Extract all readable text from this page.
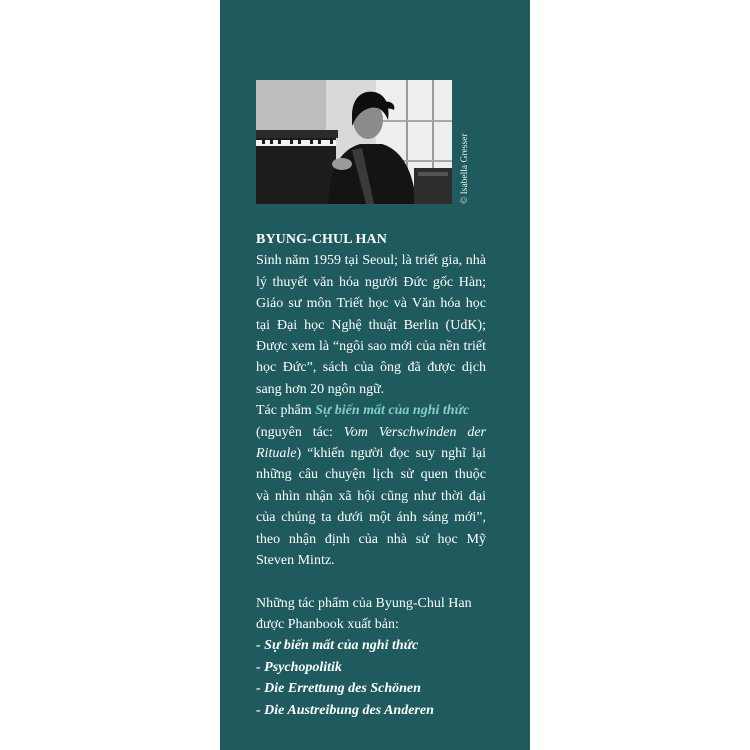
© Isabella Gresser
BYUNG-CHUL HAN

Sinh năm 1959 tại Seoul; là triết gia, nhà

lý thuyết văn hóa người Đức gốc Hàn;

Giáo sư môn Triết học và Văn hóa học

tại Đại học Nghệ thuật Berlin (UdK);

Được xem là “ngôi sao mới của nền triết

học Đức”, sách của ông đã được dịch

sang hơn 20 ngôn ngữ.

Tác phẩm Sự biến mất của nghi thức

(nguyên tác: Vom Verschwinden der Rituale) “khiến người đọc suy nghĩ lại

những câu chuyện lịch sử quen thuộc

và nhìn nhận xã hội cũng như thời đại

của chúng ta dưới một ánh sáng mới”,

theo nhận định của nhà sử học Mỹ

Steven Mintz.

Những tác phẩm của Byung-Chul Han

được Phanbook xuất bản:

- Sự biến mất của nghi thức
- Psychopolitik
- Die Errettung des Schönen
- Die Austreibung des Anderen
